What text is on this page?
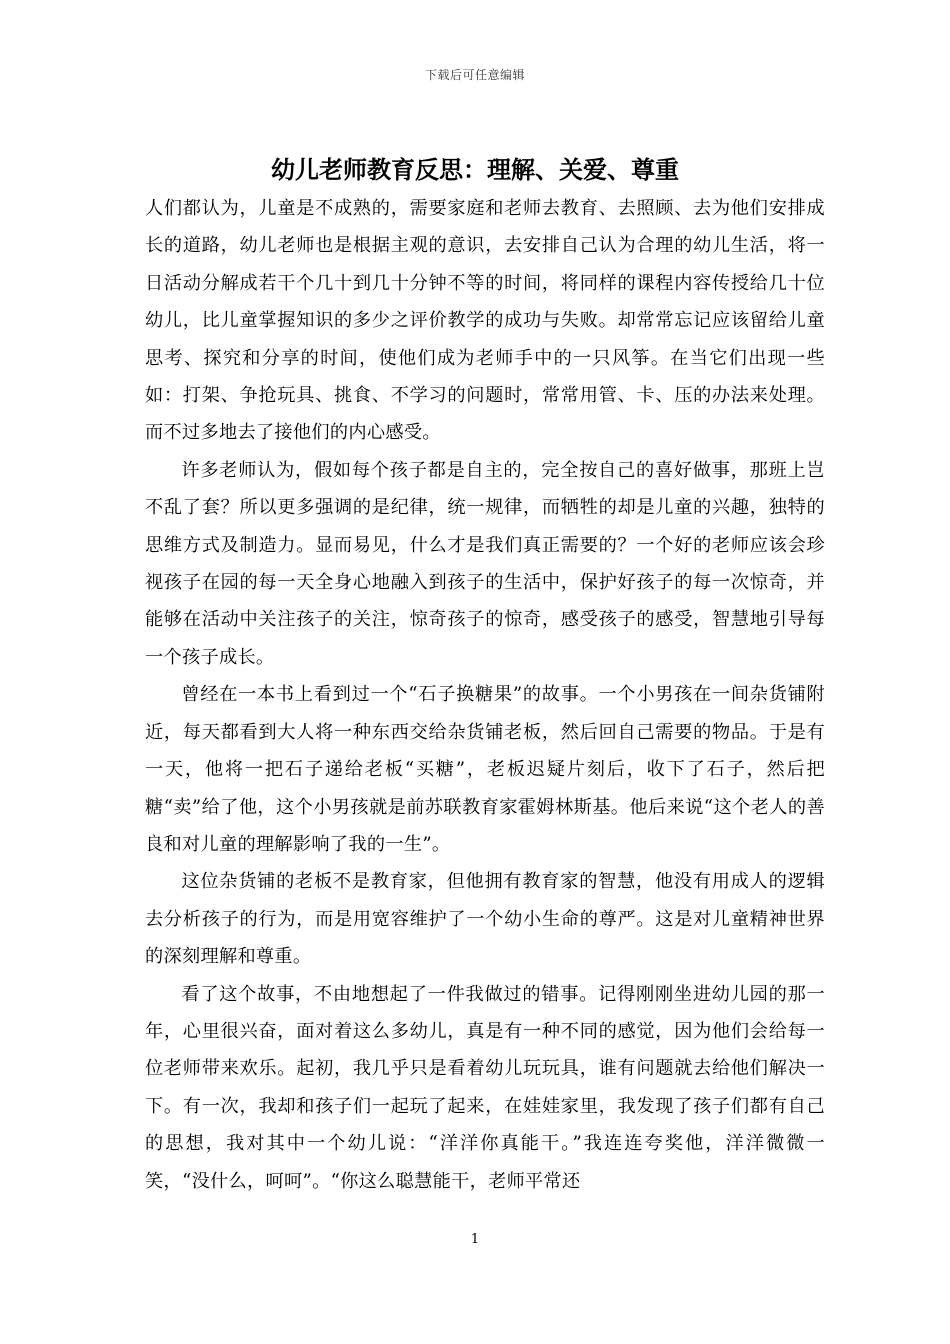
下载后可任意编辑
幼儿老师教育反思：理解、关爱、尊重

人们都认为，儿童是不成熟的，需要家庭和老师去教育、去照顾、去为他们安排成长的道路，幼儿老师也是根据主观的意识，去安排自己认为合理的幼儿生活，将一日活动分解成若干个几十到几十分钟不等的时间，将同样的课程内容传授给几十位幼儿，比儿童掌握知识的多少之评价教学的成功与失败。却常常忘记应该留给儿童思考、探究和分享的时间，使他们成为老师手中的一只风筝。在当它们出现一些如：打架、争抢玩具、挑食、不学习的问题时，常常用管、卡、压的办法来处理。而不过多地去了接他们的内心感受。

许多老师认为，假如每个孩子都是自主的，完全按自己的喜好做事，那班上岂不乱了套？所以更多强调的是纪律，统一规律，而牺牲的却是儿童的兴趣，独特的思维方式及制造力。显而易见，什么才是我们真正需要的？一个好的老师应该会珍视孩子在园的每一天全身心地融入到孩子的生活中，保护好孩子的每一次惊奇，并能够在活动中关注孩子的关注，惊奇孩子的惊奇，感受孩子的感受，智慧地引导每一个孩子成长。

曾经在一本书上看到过一个“石子换糖果”的故事。一个小男孩在一间杂货铺附近，每天都看到大人将一种东西交给杂货铺老板，然后回自己需要的物品。于是有一天，他将一把石子递给老板“买糖”，老板迟疑片刻后，收下了石子，然后把糖“卖”给了他，这个小男孩就是前苏联教育家霍姆林斯基。他后来说“这个老人的善良和对儿童的理解影响了我的一生”。

这位杂货铺的老板不是教育家，但他拥有教育家的智慧，他没有用成人的逻辑去分析孩子的行为，而是用宽容维护了一个幼小生命的尊严。这是对儿童精神世界的深刻理解和尊重。

看了这个故事，不由地想起了一件我做过的错事。记得刚刚坐进幼儿园的那一年，心里很兴奋，面对着这么多幼儿，真是有一种不同的感觉，因为他们会给每一位老师带来欢乐。起初，我几乎只是看着幼儿玩玩具，谁有问题就去给他们解决一下。有一次，我却和孩子们一起玩了起来，在娃娃家里，我发现了孩子们都有自己的思想，我对其中一个幼儿说：“洋洋你真能干。”我连连夸奖他，洋洋微微一笑，“没什么，呵呵”。“你这么聪慧能干，老师平常还

1
